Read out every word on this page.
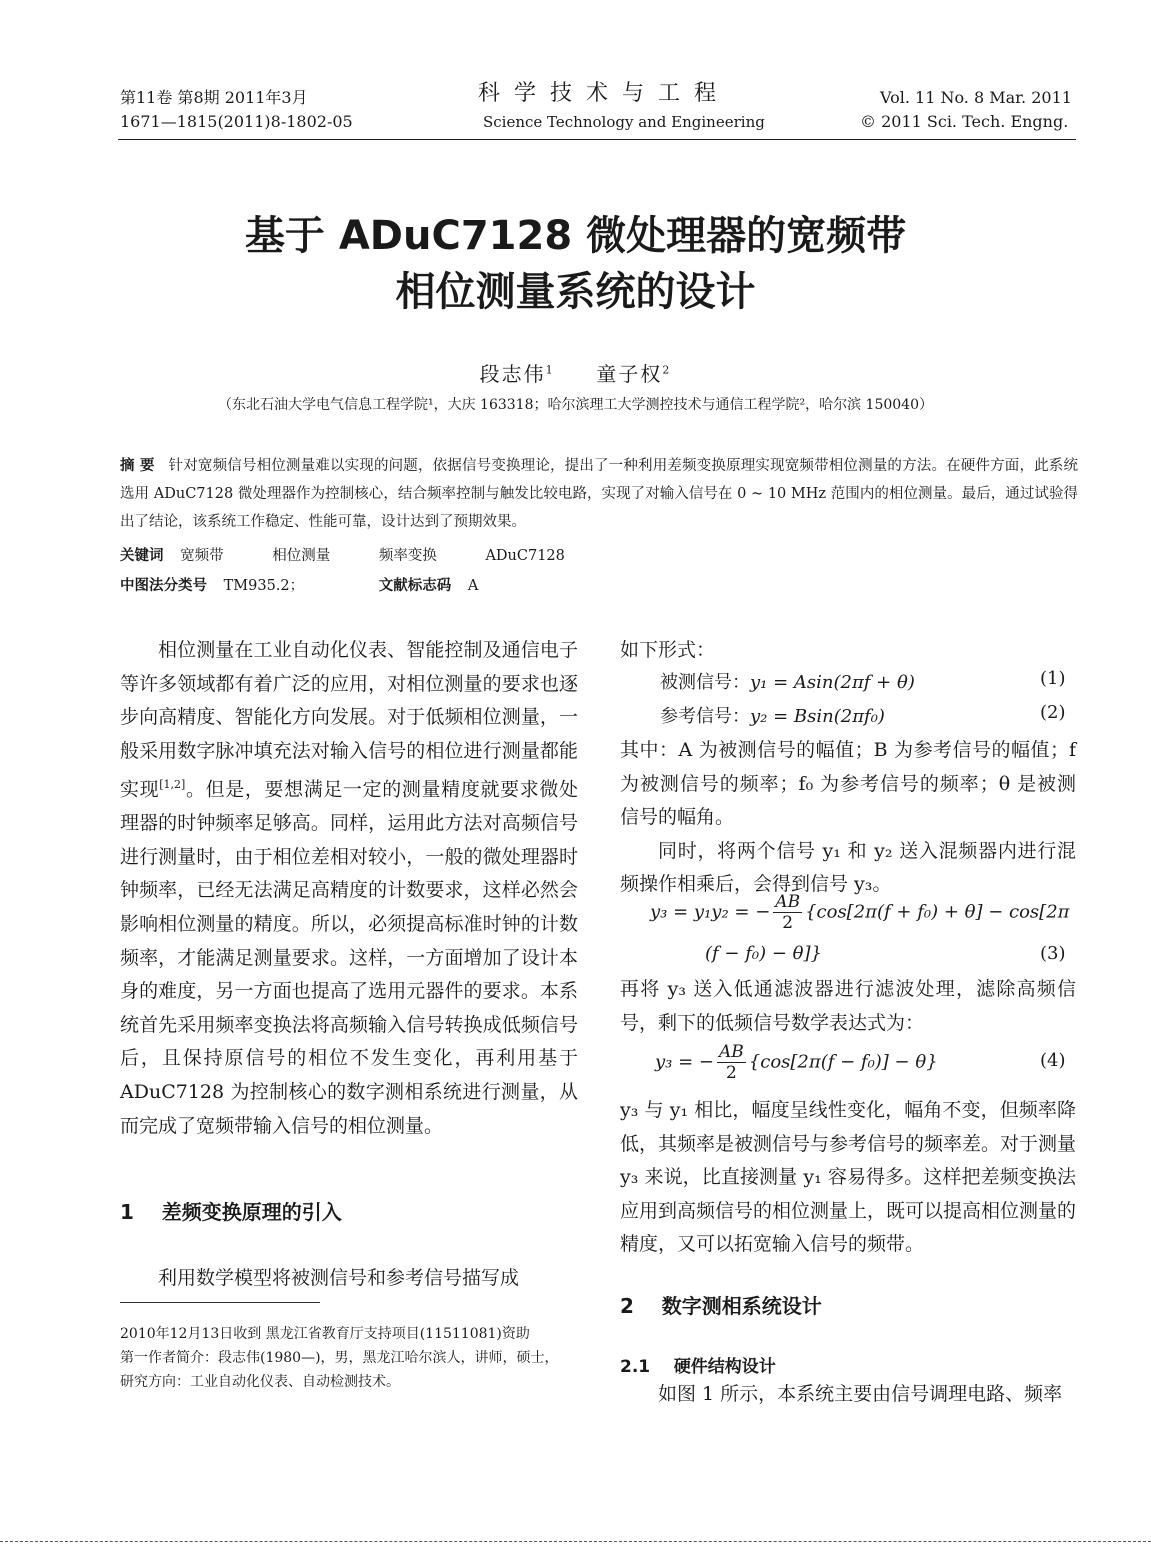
第11卷 第8期 2011年3月
1671—1815(2011)8-1802-05
科学技术与工程
Science Technology and Engineering
Vol. 11 No. 8 Mar. 2011
© 2011 Sci. Tech. Engng.
基于 ADuC7128 微处理器的宽频带
相位测量系统的设计
段志伟$^1$ 童子权$^2$
（东北石油大学电气信息工程学院¹，大庆 163318；哈尔滨理工大学测控技术与通信工程学院²，哈尔滨 150040）
摘 要 针对宽频信号相位测量难以实现的问题，依据信号变换理论，提出了一种利用差频变换原理实现宽频带相位测量的方法。在硬件方面，此系统选用 ADuC7128 微处理器作为控制核心，结合频率控制与触发比较电路，实现了对输入信号在 0 ~ 10 MHz 范围内的相位测量。最后，通过试验得出了结论，该系统工作稳定、性能可靠，设计达到了预期效果。
关键词 宽频带	相位测量	频率变换	ADuC7128
中图法分类号 TM935.2；	文献标志码 A

相位测量在工业自动化仪表、智能控制及通信电子等许多领域都有着广泛的应用，对相位测量的要求也逐步向高精度、智能化方向发展。对于低频相位测量，一般采用数字脉冲填充法对输入信号的相位进行测量都能实现[1,2]。但是，要想满足一定的测量精度就要求微处理器的时钟频率足够高。同样，运用此方法对高频信号进行测量时，由于相位差相对较小，一般的微处理器时钟频率，已经无法满足高精度的计数要求，这样必然会影响相位测量的精度。所以，必须提高标准时钟的计数频率，才能满足测量要求。这样，一方面增加了设计本身的难度，另一方面也提高了选用元器件的要求。本系统首先采用频率变换法将高频输入信号转换成低频信号后，且保持原信号的相位不发生变化，再利用基于 ADuC7128 为控制核心的数字测相系统进行测量，从而完成了宽频带输入信号的相位测量。

1 差频变换原理的引入

利用数学模型将被测信号和参考信号描写成

2010年12月13日收到 黑龙江省教育厅支持项目(11511081)资助
第一作者简介：段志伟(1980—)，男，黑龙江哈尔滨人，讲师，硕士，
研究方向：工业自动化仪表、自动检测技术。

如下形式：

被测信号：y₁ = Asin(2πf + θ)	(1)
参考信号：y₂ = Bsin(2πf₀)	(2)

其中：A 为被测信号的幅值；B 为参考信号的幅值；f 为被测信号的频率；f₀ 为参考信号的频率；θ 是被测信号的幅角。

同时，将两个信号 y₁ 和 y₂ 送入混频器内进行混频操作相乘后，会得到信号 y₃。

y₃ = y₁y₂ = − $\frac{AB}{2} \{\cos[2\pi(f + f_0) + \theta] - \cos[2\pi$
(f − f₀) − θ]}	(3)

再将 y₃ 送入低通滤波器进行滤波处理，滤除高频信号，剩下的低频信号数学表达式为：

y₃ = − $\frac{AB}{2} \{\cos[2\pi(f - f_0)] - \theta\}$	(4)

y₃ 与 y₁ 相比，幅度呈线性变化，幅角不变，但频率降低，其频率是被测信号与参考信号的频率差。对于测量 y₃ 来说，比直接测量 y₁ 容易得多。这样把差频变换法应用到高频信号的相位测量上，既可以提高相位测量的精度，又可以拓宽输入信号的频带。

2 数字测相系统设计
2.1 硬件结构设计

如图 1 所示，本系统主要由信号调理电路、频率
